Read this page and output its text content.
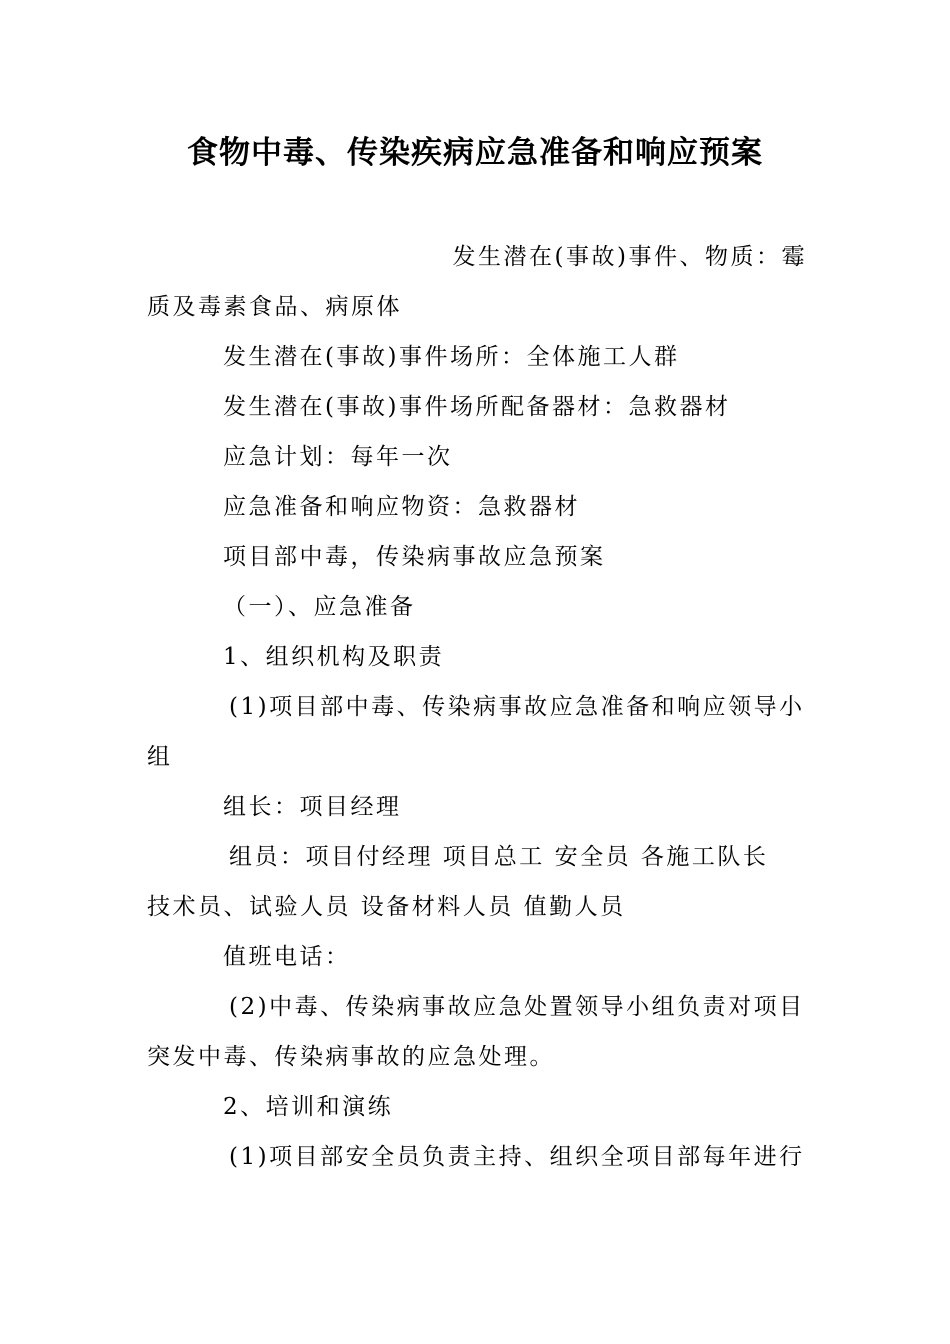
食物中毒、传染疾病应急准备和响应预案

发生潜在(事故)事件、物质：霉

质及毒素食品、病原体

发生潜在(事故)事件场所：全体施工人群

发生潜在(事故)事件场所配备器材：急救器材

应急计划：每年一次

应急准备和响应物资：急救器材

项目部中毒，传染病事故应急预案

（一）、应急准备

1、组织机构及职责

(1)项目部中毒、传染病事故应急准备和响应领导小

组

组长：项目经理

组员：项目付经理 项目总工 安全员 各施工队长

技术员、试验人员 设备材料人员 值勤人员

值班电话：

(2)中毒、传染病事故应急处置领导小组负责对项目

突发中毒、传染病事故的应急处理。

2、培训和演练

(1)项目部安全员负责主持、组织全项目部每年进行
